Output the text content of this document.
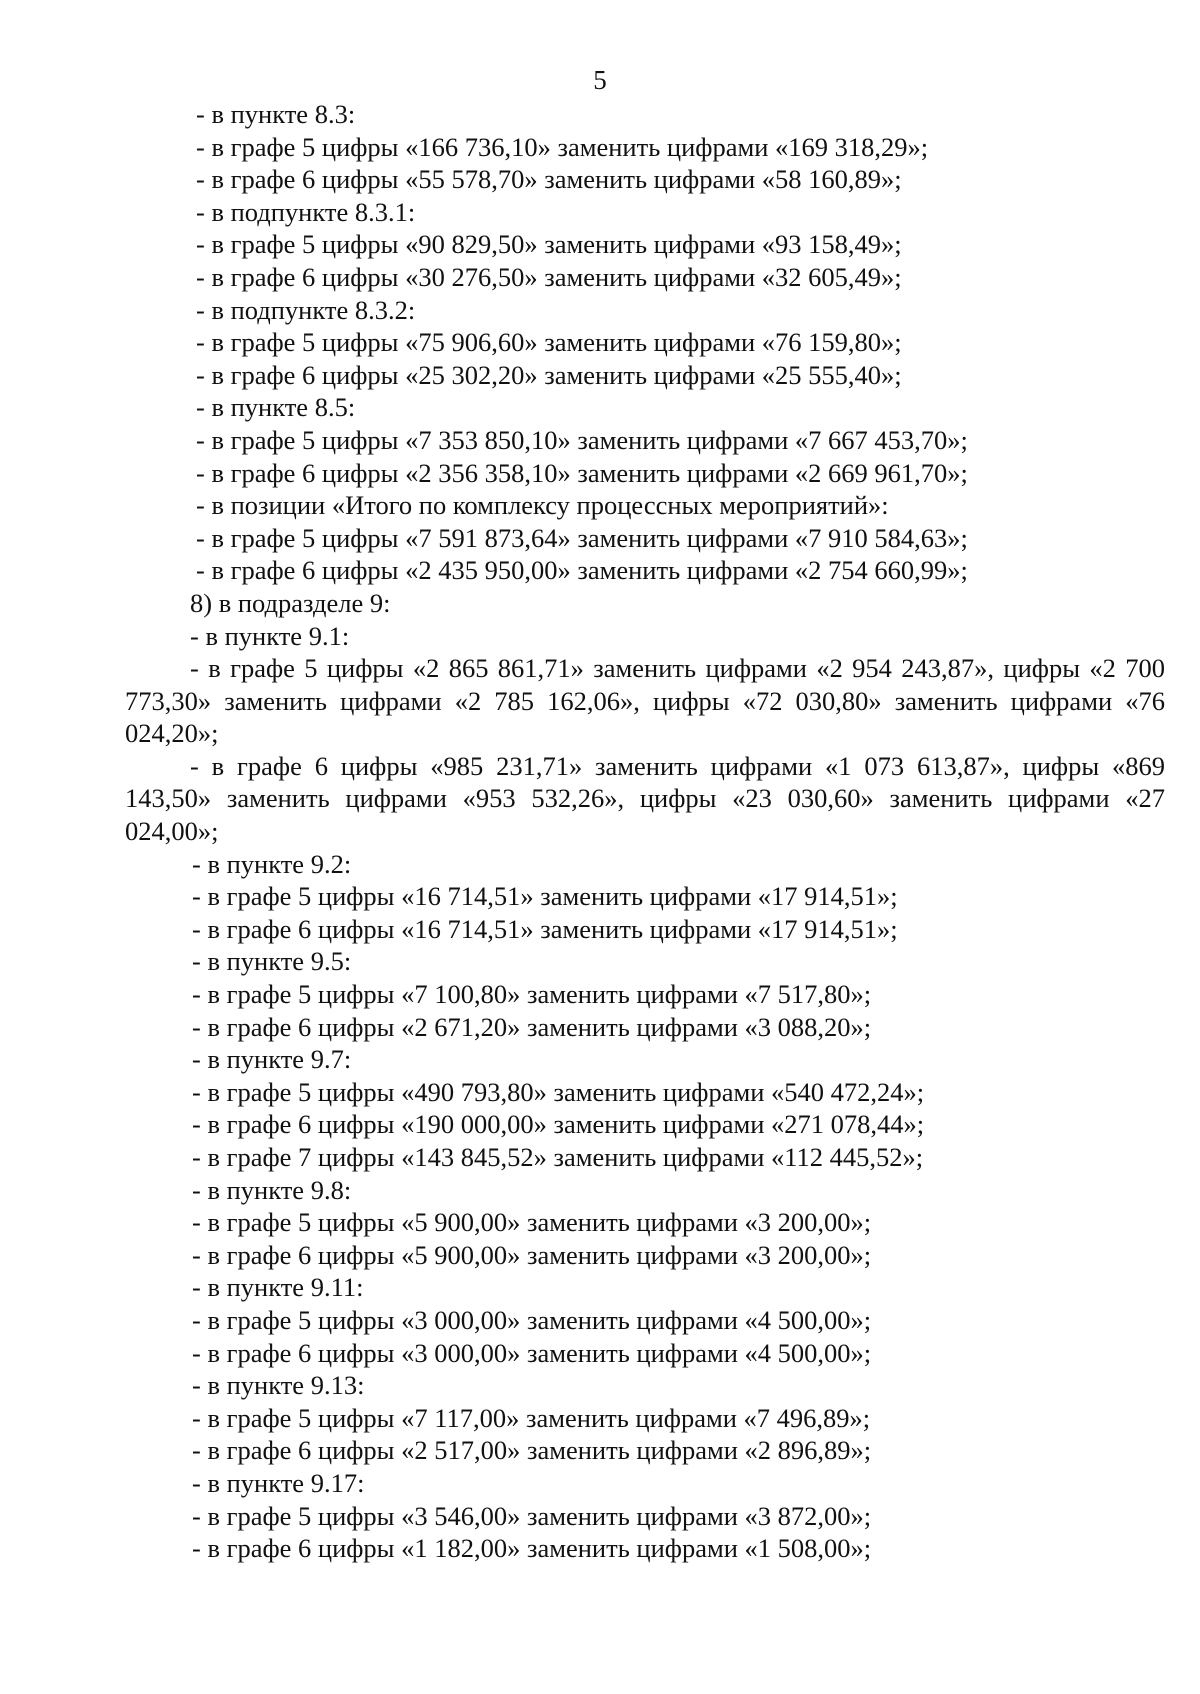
5
- в пункте 8.3:
- в графе 5 цифры «166 736,10» заменить цифрами «169 318,29»;
- в графе 6 цифры «55 578,70» заменить цифрами «58 160,89»;
- в подпункте 8.3.1:
- в графе 5 цифры «90 829,50» заменить цифрами «93 158,49»;
- в графе 6 цифры «30 276,50» заменить цифрами «32 605,49»;
- в подпункте 8.3.2:
- в графе 5 цифры «75 906,60» заменить цифрами «76 159,80»;
- в графе 6 цифры «25 302,20» заменить цифрами «25 555,40»;
- в пункте 8.5:
- в графе 5 цифры «7 353 850,10» заменить цифрами «7 667 453,70»;
- в графе 6 цифры «2 356 358,10» заменить цифрами «2 669 961,70»;
- в позиции «Итого по комплексу процессных мероприятий»:
- в графе 5 цифры «7 591 873,64» заменить цифрами «7 910 584,63»;
- в графе 6 цифры «2 435 950,00» заменить цифрами «2 754 660,99»;
8) в подразделе 9:
- в пункте 9.1:
- в графе 5 цифры «2 865 861,71» заменить цифрами «2 954 243,87», цифры «2 700 773,30» заменить цифрами «2 785 162,06», цифры «72 030,80» заменить цифрами «76 024,20»;
- в графе 6 цифры «985 231,71» заменить цифрами «1 073 613,87», цифры «869 143,50» заменить цифрами «953 532,26», цифры «23 030,60» заменить цифрами «27 024,00»;
- в пункте 9.2:
- в графе 5 цифры «16 714,51» заменить цифрами «17 914,51»;
- в графе 6 цифры «16 714,51» заменить цифрами «17 914,51»;
- в пункте 9.5:
- в графе 5 цифры «7 100,80» заменить цифрами «7 517,80»;
- в графе 6 цифры «2 671,20» заменить цифрами «3 088,20»;
- в пункте 9.7:
- в графе 5 цифры «490 793,80» заменить цифрами «540 472,24»;
- в графе 6 цифры «190 000,00» заменить цифрами «271 078,44»;
- в графе 7 цифры «143 845,52» заменить цифрами «112 445,52»;
- в пункте 9.8:
- в графе 5 цифры «5 900,00» заменить цифрами «3 200,00»;
- в графе 6 цифры «5 900,00» заменить цифрами «3 200,00»;
- в пункте 9.11:
- в графе 5 цифры «3 000,00» заменить цифрами «4 500,00»;
- в графе 6 цифры «3 000,00» заменить цифрами «4 500,00»;
- в пункте 9.13:
- в графе 5 цифры «7 117,00» заменить цифрами «7 496,89»;
- в графе 6 цифры «2 517,00» заменить цифрами «2 896,89»;
- в пункте 9.17:
- в графе 5 цифры «3 546,00» заменить цифрами «3 872,00»;
- в графе 6 цифры «1 182,00» заменить цифрами «1 508,00»;
